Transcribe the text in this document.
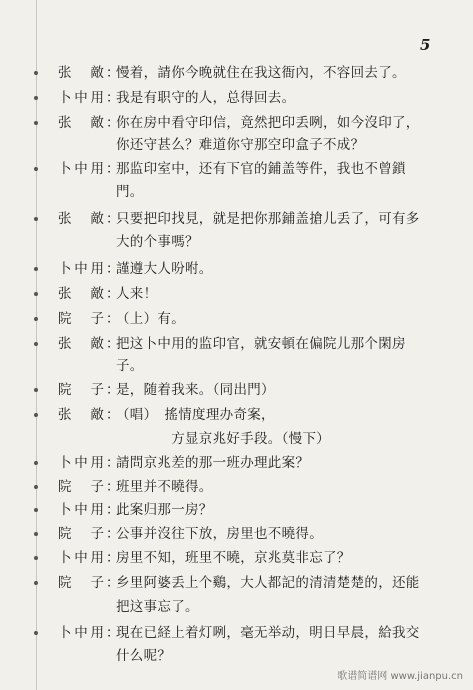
5
张敵 ：
慢着，請你今晚就住在我这衙內，不容回去了。
卜中用 ：
我是有职守的人，总得回去。
张敵 ：
你在房中看守印信，竟然把印丢咧，如今沒印了，
你还守甚么？难道你守那空印盒子不成？
卜中用 ：
那监印室中，还有下官的鋪盖等件，我也不曾鎖
門。
张敵 ：
只要把印找見，就是把你那鋪盖搶儿丢了，可有多
大的个事嗎？
卜中用 ：
謹遵大人吩咐。
张敵 ：
人来！
院子 ：
（上）有。
张敵 ：
把这卜中用的监印官，就安頓在偏院儿那个閑房
子。
院子 ：
是，随着我来。（同出門）
张敵 ：
（唱）　搖情度理办奇案，
　　　　方显京兆好手段。（慢下）
卜中用 ：
請問京兆差的那一班办理此案？
院子 ：
班里并不曉得。
卜中用 ：
此案归那一房？
院子 ：
公事并沒往下放，房里也不曉得。
卜中用 ：
房里不知，班里不曉，京兆莫非忘了？
院子 ：
乡里阿婆丢上个鷄，大人都記的清清楚楚的，还能
把这事忘了。
卜中用 ：
現在已経上着灯咧，毫无举动，明日早晨，給我交
什么呢？
歌谱简谱网 www.jianpu.cn
